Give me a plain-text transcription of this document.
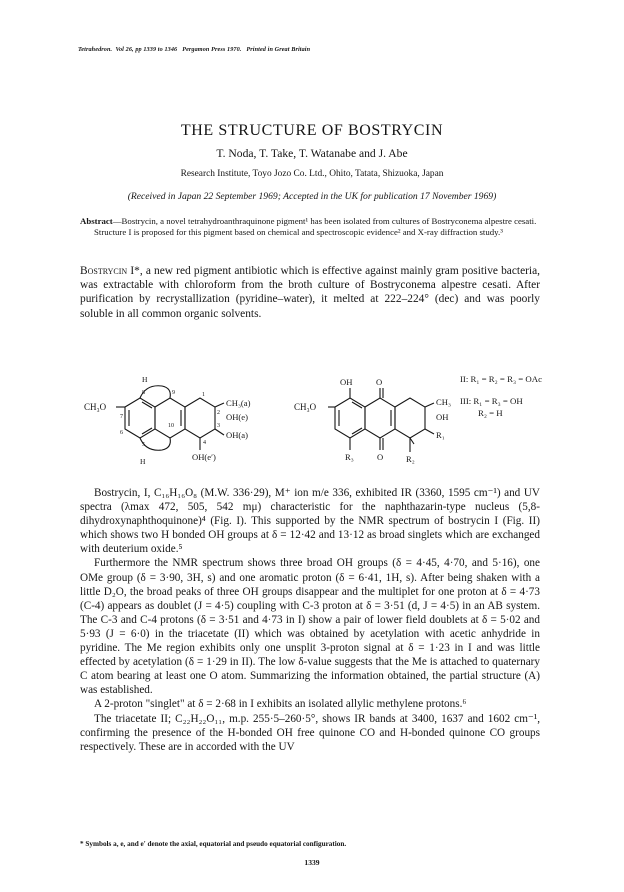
Tetrahedron. Vol 26, pp 1339 to 1346 Pergamon Press 1970. Printed in Great Britain
THE STRUCTURE OF BOSTRYCIN
T. Noda, T. Take, T. Watanabe and J. Abe
Research Institute, Toyo Jozo Co. Ltd., Ohito, Tatata, Shizuoka, Japan
(Received in Japan 22 September 1969; Accepted in the UK for publication 17 November 1969)

Abstract—Bostrycin, a novel tetrahydroanthraquinone pigment¹ has been isolated from cultures of Bostryconema alpestre cesati.

Structure I is proposed for this pigment based on chemical and spectroscopic evidence² and X-ray diffraction study.³

Bostrycin I*, a new red pigment antibiotic which is effective against mainly gram positive bacteria, was extractable with chloroform from the broth culture of Bostryconema alpestre cesati. After purification by recrystallization (pyridine–water), it melted at 222–224° (dec) and was poorly soluble in all common organic solvents.

CH₃O	CH₃(a)
OH(e)
OH(a)
OH(e′)
H
H
9
10
1
2
3
4
5
6
7
8
CH₃O
OH	O
CH₃
OH
R₁
R₃	O	R₂
II: R₁ = R₂ = R₃ = OAc
III: R₁ = R₃ = OH
R₂ = H

Bostrycin, I, C₁₆H₁₆O₈ (M.W. 336·29), M⁺ ion m/e 336, exhibited IR (3360, 1595 cm⁻¹) and UV spectra (λmax 472, 505, 542 mμ) characteristic for the naphthazarin-type nucleus (5,8-dihydroxynaphthoquinone)⁴ (Fig. I). This supported by the NMR spectrum of bostrycin I (Fig. II) which shows two H bonded OH groups at δ = 12·42 and 13·12 as broad singlets which are exchanged with deuterium oxide.⁵

Furthermore the NMR spectrum shows three broad OH groups (δ = 4·45, 4·70, and 5·16), one OMe group (δ = 3·90, 3H, s) and one aromatic proton (δ = 6·41, 1H, s). After being shaken with a little D₂O, the broad peaks of three OH groups disappear and the multiplet for one proton at δ = 4·73 (C-4) appears as doublet (J = 4·5) coupling with C-3 proton at δ = 3·51 (d, J = 4·5) in an AB system. The C-3 and C-4 protons (δ = 3·51 and 4·73 in I) show a pair of lower field doublets at δ = 5·02 and 5·93 (J = 6·0) in the triacetate (II) which was obtained by acetylation with acetic anhydride in pyridine. The Me region exhibits only one unsplit 3-proton signal at δ = 1·23 in I and was little effected by acetylation (δ = 1·29 in II). The low δ-value suggests that the Me is attached to quaternary C atom bearing at least one O atom. Summarizing the information obtained, the partial structure (A) was established.

A 2-proton "singlet" at δ = 2·68 in I exhibits an isolated allylic methylene protons.⁶

The triacetate II; C₂₂H₂₂O₁₁, m.p. 255·5–260·5°, shows IR bands at 3400, 1637 and 1602 cm⁻¹, confirming the presence of the H-bonded OH free quinone CO and H-bonded quinone CO groups respectively. These are in accorded with the UV

* Symbols a, e, and e′ denote the axial, equatorial and pseudo equatorial configuration.
1339
